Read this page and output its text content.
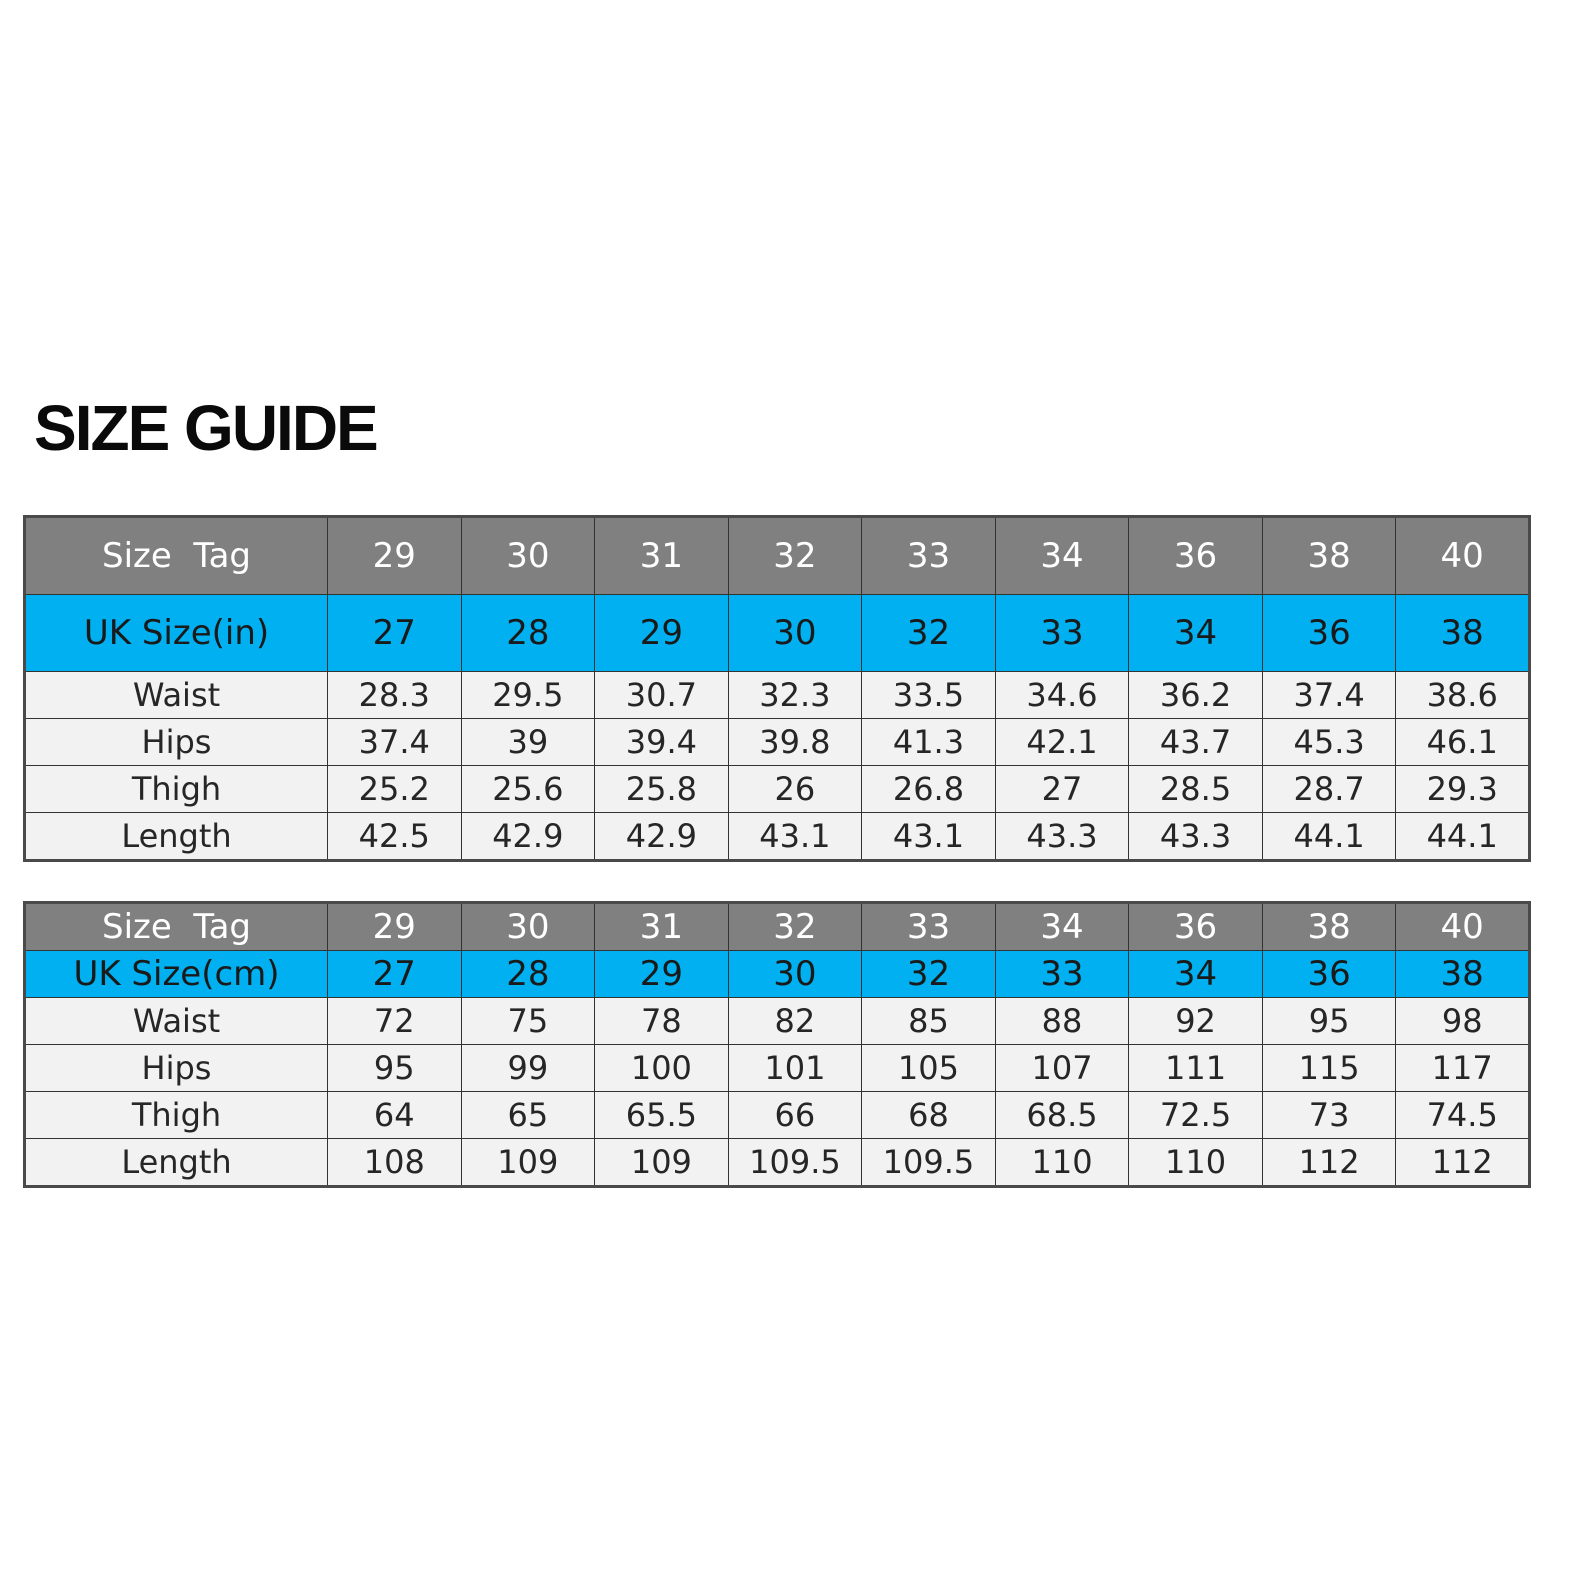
SIZE GUIDE
Size  Tag	29	30	31	32	33	34	36	38	40
UK Size(in)	27	28	29	30	32	33	34	36	38
Waist	28.3	29.5	30.7	32.3	33.5	34.6	36.2	37.4	38.6
Hips	37.4	39	39.4	39.8	41.3	42.1	43.7	45.3	46.1
Thigh	25.2	25.6	25.8	26	26.8	27	28.5	28.7	29.3
Length	42.5	42.9	42.9	43.1	43.1	43.3	43.3	44.1	44.1
Size  Tag	29	30	31	32	33	34	36	38	40
UK Size(cm)	27	28	29	30	32	33	34	36	38
Waist	72	75	78	82	85	88	92	95	98
Hips	95	99	100	101	105	107	111	115	117
Thigh	64	65	65.5	66	68	68.5	72.5	73	74.5
Length	108	109	109	109.5	109.5	110	110	112	112
